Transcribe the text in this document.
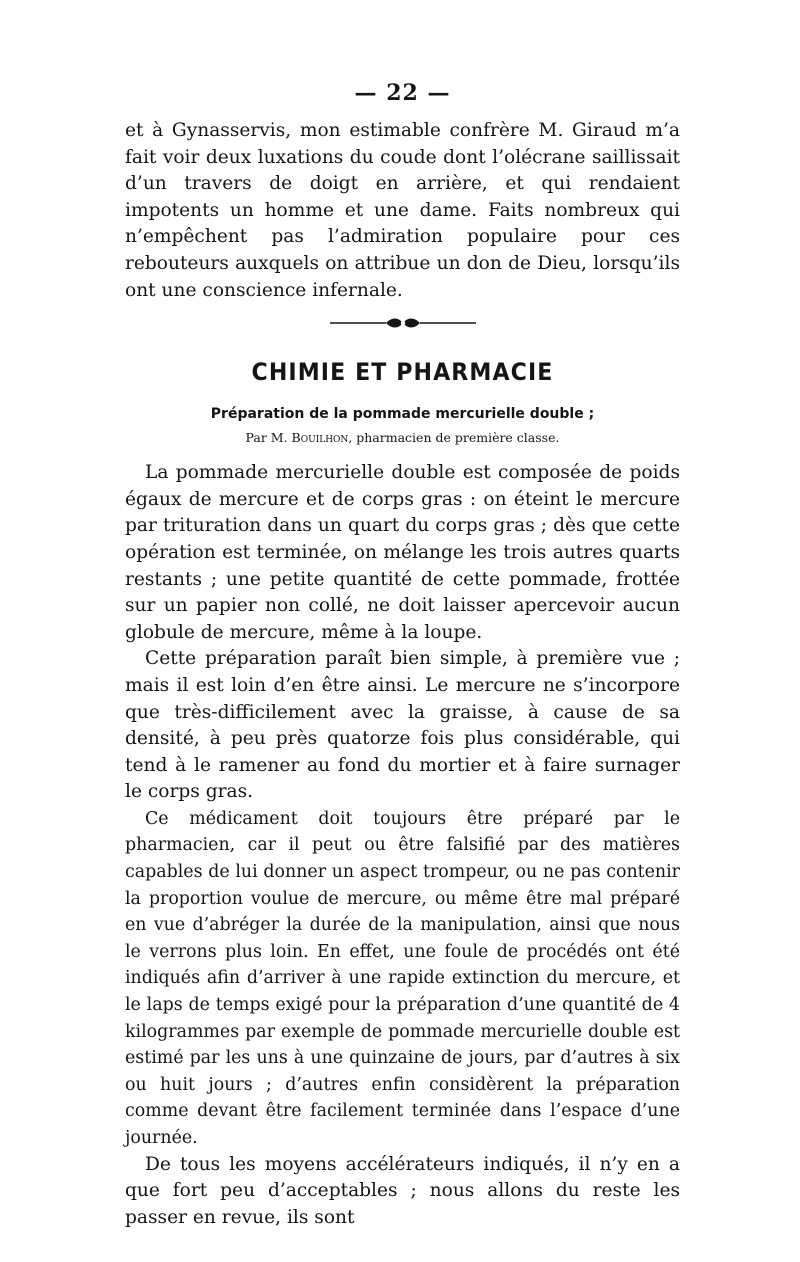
— 22 —

et à Gynasservis, mon estimable confrère M. Giraud m’a fait voir deux luxations du coude dont l’olécrane saillissait d’un travers de doigt en arrière, et qui rendaient impotents un homme et une dame. Faits nombreux qui n’empêchent pas l’admiration populaire pour ces rebouteurs auxquels on attribue un don de Dieu, lorsqu’ils ont une conscience infernale.

CHIMIE ET PHARMACIE
Préparation de la pommade mercurielle double ;
Par M. Bouilhon, pharmacien de première classe.

La pommade mercurielle double est composée de poids égaux de mercure et de corps gras : on éteint le mercure par trituration dans un quart du corps gras ; dès que cette opération est terminée, on mélange les trois autres quarts restants ; une petite quantité de cette pommade, frottée sur un papier non collé, ne doit laisser apercevoir aucun globule de mercure, même à la loupe.

Cette préparation paraît bien simple, à première vue ; mais il est loin d’en être ainsi. Le mercure ne s’incorpore que très-difficilement avec la graisse, à cause de sa densité, à peu près quatorze fois plus considérable, qui tend à le ramener au fond du mortier et à faire surnager le corps gras.

Ce médicament doit toujours être préparé par le pharmacien, car il peut ou être falsifié par des matières capables de lui donner un aspect trompeur, ou ne pas contenir la proportion voulue de mercure, ou même être mal préparé en vue d’abréger la durée de la manipulation, ainsi que nous le verrons plus loin. En effet, une foule de procédés ont été indiqués afin d’arriver à une rapide extinction du mercure, et le laps de temps exigé pour la préparation d’une quantité de 4 kilogrammes par exemple de pommade mercurielle double est estimé par les uns à une quinzaine de jours, par d’autres à six ou huit jours ; d’autres enfin considèrent la préparation comme devant être facilement terminée dans l’espace d’une journée.

De tous les moyens accélérateurs indiqués, il n’y en a que fort peu d’acceptables ; nous allons du reste les passer en revue, ils sont
